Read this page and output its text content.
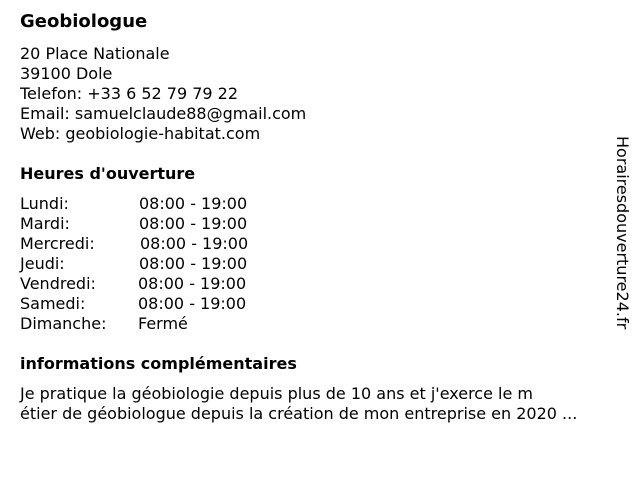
Geobiologue
20 Place Nationale
39100 Dole
Telefon: +33 6 52 79 79 22
Email: samuelclaude88@gmail.com
Web: geobiologie-habitat.com
Heures d'ouverture
Lundi:	08:00 - 19:00
Mardi:	08:00 - 19:00
Mercredi:	08:00 - 19:00
Jeudi:	08:00 - 19:00
Vendredi:	08:00 - 19:00
Samedi:	08:00 - 19:00
Dimanche: Fermé
informations complémentaires
Je pratique la géobiologie depuis plus de 10 ans et j'exerce le m
étier de géobiologue depuis la création de mon entreprise en 2020 ...
Horairesdouverture24.fr
